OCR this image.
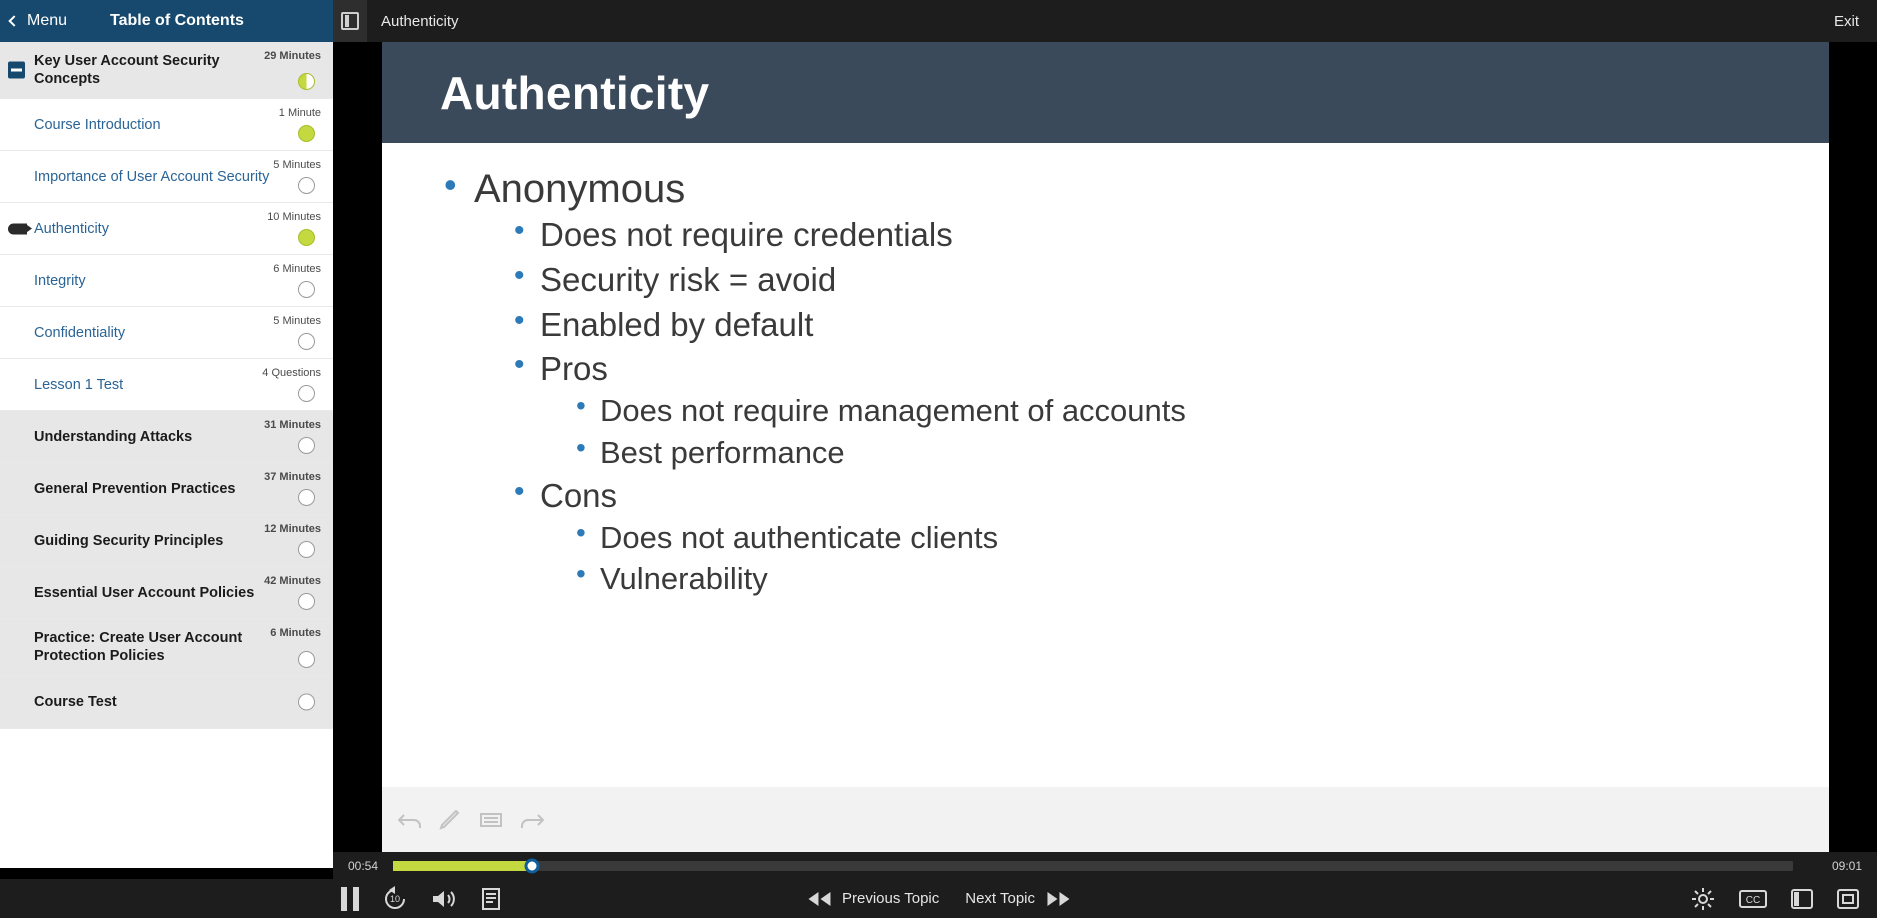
Menu	Table of Contents	Authenticity	Exit
Key User Account Security Concepts
29 Minutes
Course Introduction
1 Minute
Importance of User Account Security
5 Minutes
Authenticity
10 Minutes
Integrity
6 Minutes
Confidentiality
5 Minutes
Lesson 1 Test
4 Questions
Understanding Attacks
31 Minutes
General Prevention Practices
37 Minutes
Guiding Security Principles
12 Minutes
Essential User Account Policies
42 Minutes
Practice: Create User Account Protection Policies
6 Minutes
Course Test
Authenticity
• Anonymous
• Does not require credentials
• Security risk = avoid
• Enabled by default
• Pros
• Does not require management of accounts
• Best performance
• Cons
• Does not authenticate clients
• Vulnerability
00:54	09:01
10	Previous Topic Next Topic	CC
